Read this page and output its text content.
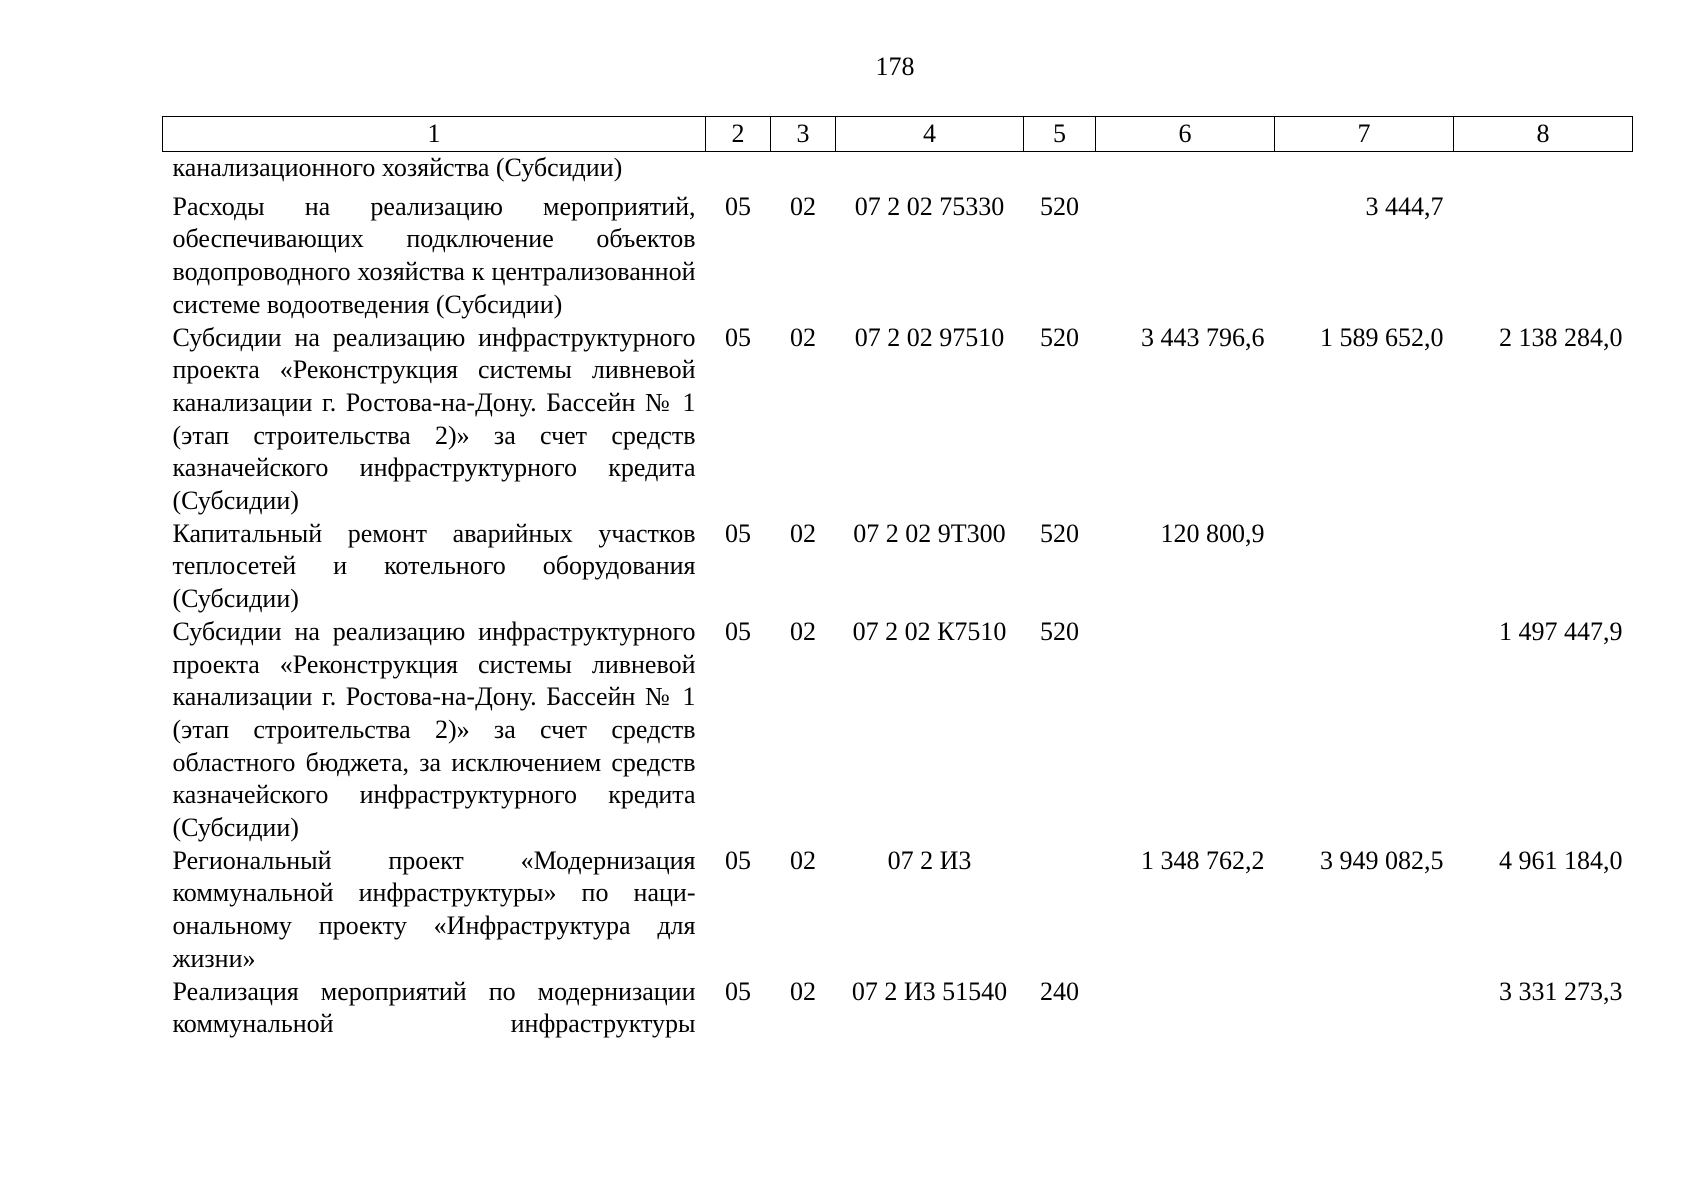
178
1	2	3	4	5	6	7	8
канализационного хозяйства (Субсидии)							
Расходы на реализацию мероприятий, обеспечивающих подключение объектов водопроводного хозяйства к централизованной системе водоотведения (Субсидии)	05	02	07 2 02 75330	520		3 444,7	
Субсидии на реализацию инфраструктурного проекта «Реконструкция системы ливневой канализации г. Ростова-на-Дону. Бассейн № 1 (этап строительства 2)» за счет средств казначейского инфраструктурного кредита (Субсидии)	05	02	07 2 02 97510	520	3 443 796,6	1 589 652,0	2 138 284,0
Капитальный ремонт аварийных участков теплосетей и котельного оборудования (Субсидии)	05	02	07 2 02 9Т300	520	120 800,9		
Субсидии на реализацию инфраструктурного проекта «Реконструкция системы ливневой канализации г. Ростова-на-Дону. Бассейн № 1 (этап строительства 2)» за счет средств областного бюджета, за исключением средств казначейского инфраструктурного кредита (Субсидии)	05	02	07 2 02 К7510	520			1 497 447,9
Региональный проект «Модернизация коммунальной инфраструктуры» по национальному проекту «Инфраструктура для жизни»	05	02	07 2 И3		1 348 762,2	3 949 082,5	4 961 184,0
Реализация мероприятий по модернизации коммунальной инфраструктуры	05	02	07 2 И3 51540	240			3 331 273,3
